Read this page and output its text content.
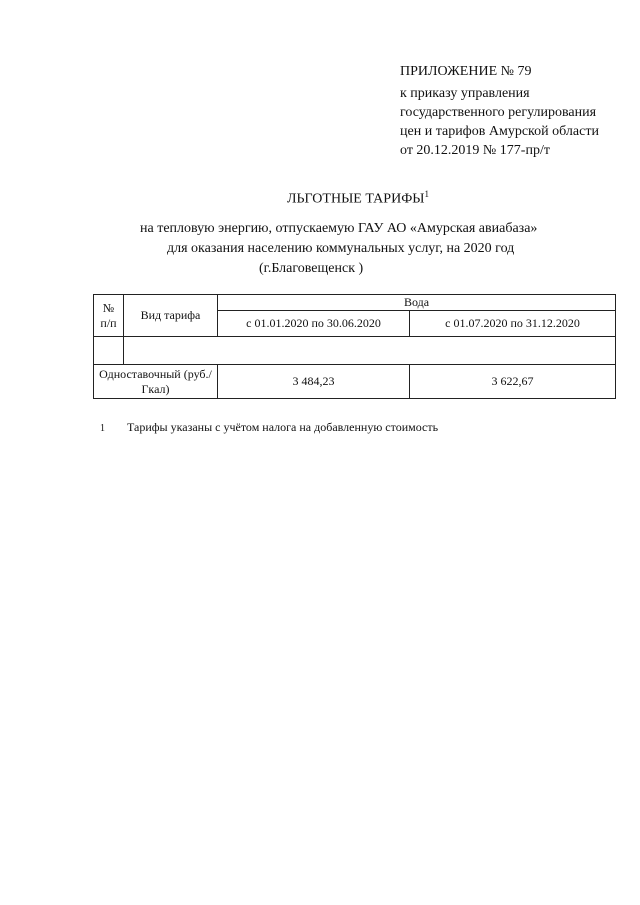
ПРИЛОЖЕНИЕ № 79
к приказу управления
государственного регулирования
цен и тарифов Амурской области
от 20.12.2019 № 177-пр/т
ЛЬГОТНЫЕ ТАРИФЫ$^1$
на тепловую энергию, отпускаемую ГАУ АО «Амурская авиабаза»
для оказания населению коммунальных услуг, на 2020 год
(г.Благовещенск )
№ п/п	Вид тарифа	Вода	
		с 01.01.2020 по 30.06.2020	с 01.07.2020 по 31.12.2020

Одноставочный (руб./Гкал)		3 484,23	3 622,67
1 Тарифы указаны с учётом налога на добавленную стоимость
